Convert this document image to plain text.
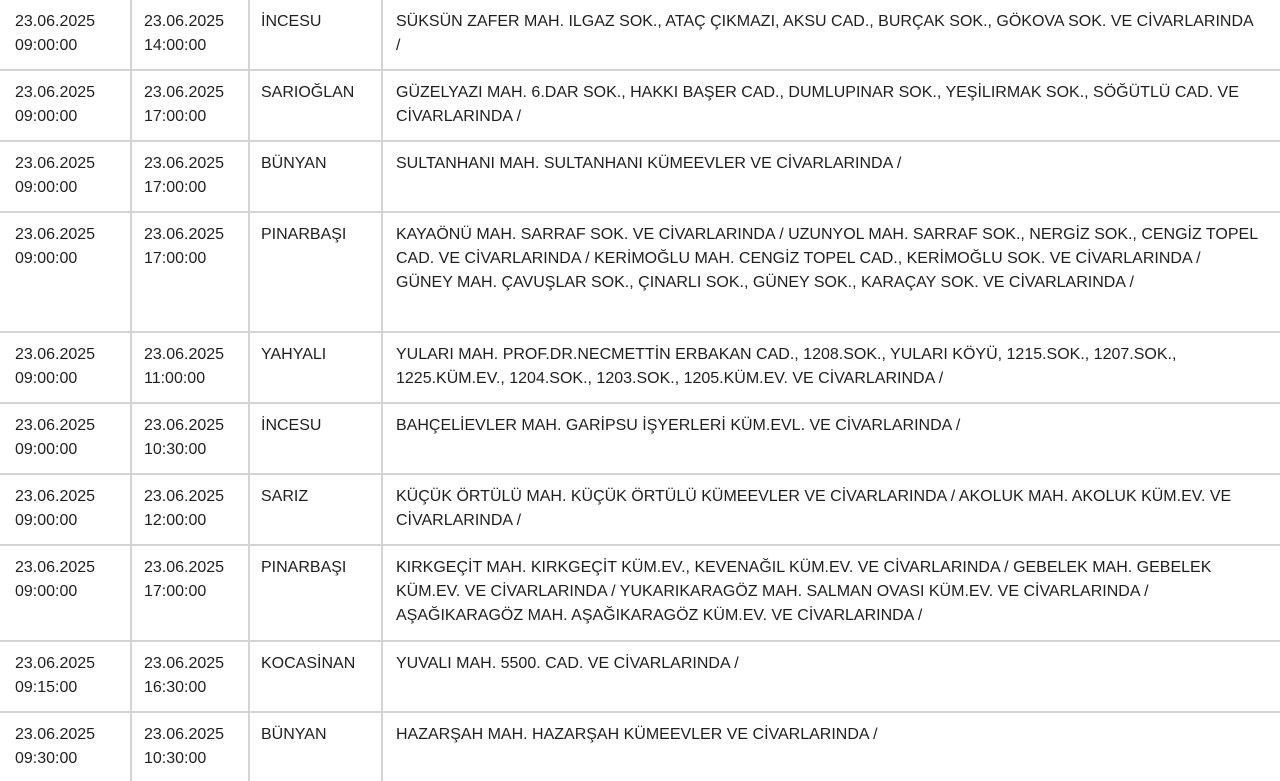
23.06.2025
09:00:00	23.06.2025
14:00:00	İNCESU	SÜKSÜN ZAFER MAH. ILGAZ SOK., ATAÇ ÇIKMAZI, AKSU CAD., BURÇAK SOK., GÖKOVA SOK. VE CİVARLARINDA /

23.06.2025
09:00:00	23.06.2025
17:00:00	SARIOĞLAN	GÜZELYAZI MAH. 6.DAR SOK., HAKKI BAŞER CAD., DUMLUPINAR SOK., YEŞİLIRMAK SOK., SÖĞÜTLÜ CAD. VE CİVARLARINDA /

23.06.2025
09:00:00	23.06.2025
17:00:00	BÜNYAN	SULTANHANI MAH. SULTANHANI KÜMEEVLER VE CİVARLARINDA /

23.06.2025
09:00:00	23.06.2025
17:00:00	PINARBAŞI	KAYAÖNÜ MAH. SARRAF SOK. VE CİVARLARINDA / UZUNYOL MAH. SARRAF SOK., NERGİZ SOK., CENGİZ TOPEL CAD. VE CİVARLARINDA / KERİMOĞLU MAH. CENGİZ TOPEL CAD., KERİMOĞLU SOK. VE CİVARLARINDA / GÜNEY MAH. ÇAVUŞLAR SOK., ÇINARLI SOK., GÜNEY SOK., KARAÇAY SOK. VE CİVARLARINDA /

23.06.2025
09:00:00	23.06.2025
11:00:00	YAHYALI	YULARI MAH. PROF.DR.NECMETTİN ERBAKAN CAD., 1208.SOK., YULARI KÖYÜ, 1215.SOK., 1207.SOK., 1225.KÜM.EV., 1204.SOK., 1203.SOK., 1205.KÜM.EV. VE CİVARLARINDA /

23.06.2025
09:00:00	23.06.2025
10:30:00	İNCESU	BAHÇELİEVLER MAH. GARİPSU İŞYERLERİ KÜM.EVL. VE CİVARLARINDA /

23.06.2025
09:00:00	23.06.2025
12:00:00	SARIZ	KÜÇÜK ÖRTÜLÜ MAH. KÜÇÜK ÖRTÜLÜ KÜMEEVLER VE CİVARLARINDA / AKOLUK MAH. AKOLUK KÜM.EV. VE CİVARLARINDA /

23.06.2025
09:00:00	23.06.2025
17:00:00	PINARBAŞI	KIRKGEÇİT MAH. KIRKGEÇİT KÜM.EV., KEVENAĞIL KÜM.EV. VE CİVARLARINDA / GEBELEK MAH. GEBELEK KÜM.EV. VE CİVARLARINDA / YUKARIKARAGÖZ MAH. SALMAN OVASI KÜM.EV. VE CİVARLARINDA / AŞAĞIKARAGÖZ MAH. AŞAĞIKARAGÖZ KÜM.EV. VE CİVARLARINDA /

23.06.2025
09:15:00	23.06.2025
16:30:00	KOCASİNAN	YUVALI MAH. 5500. CAD. VE CİVARLARINDA /

23.06.2025
09:30:00	23.06.2025
10:30:00	BÜNYAN	HAZARŞAH MAH. HAZARŞAH KÜMEEVLER VE CİVARLARINDA /
